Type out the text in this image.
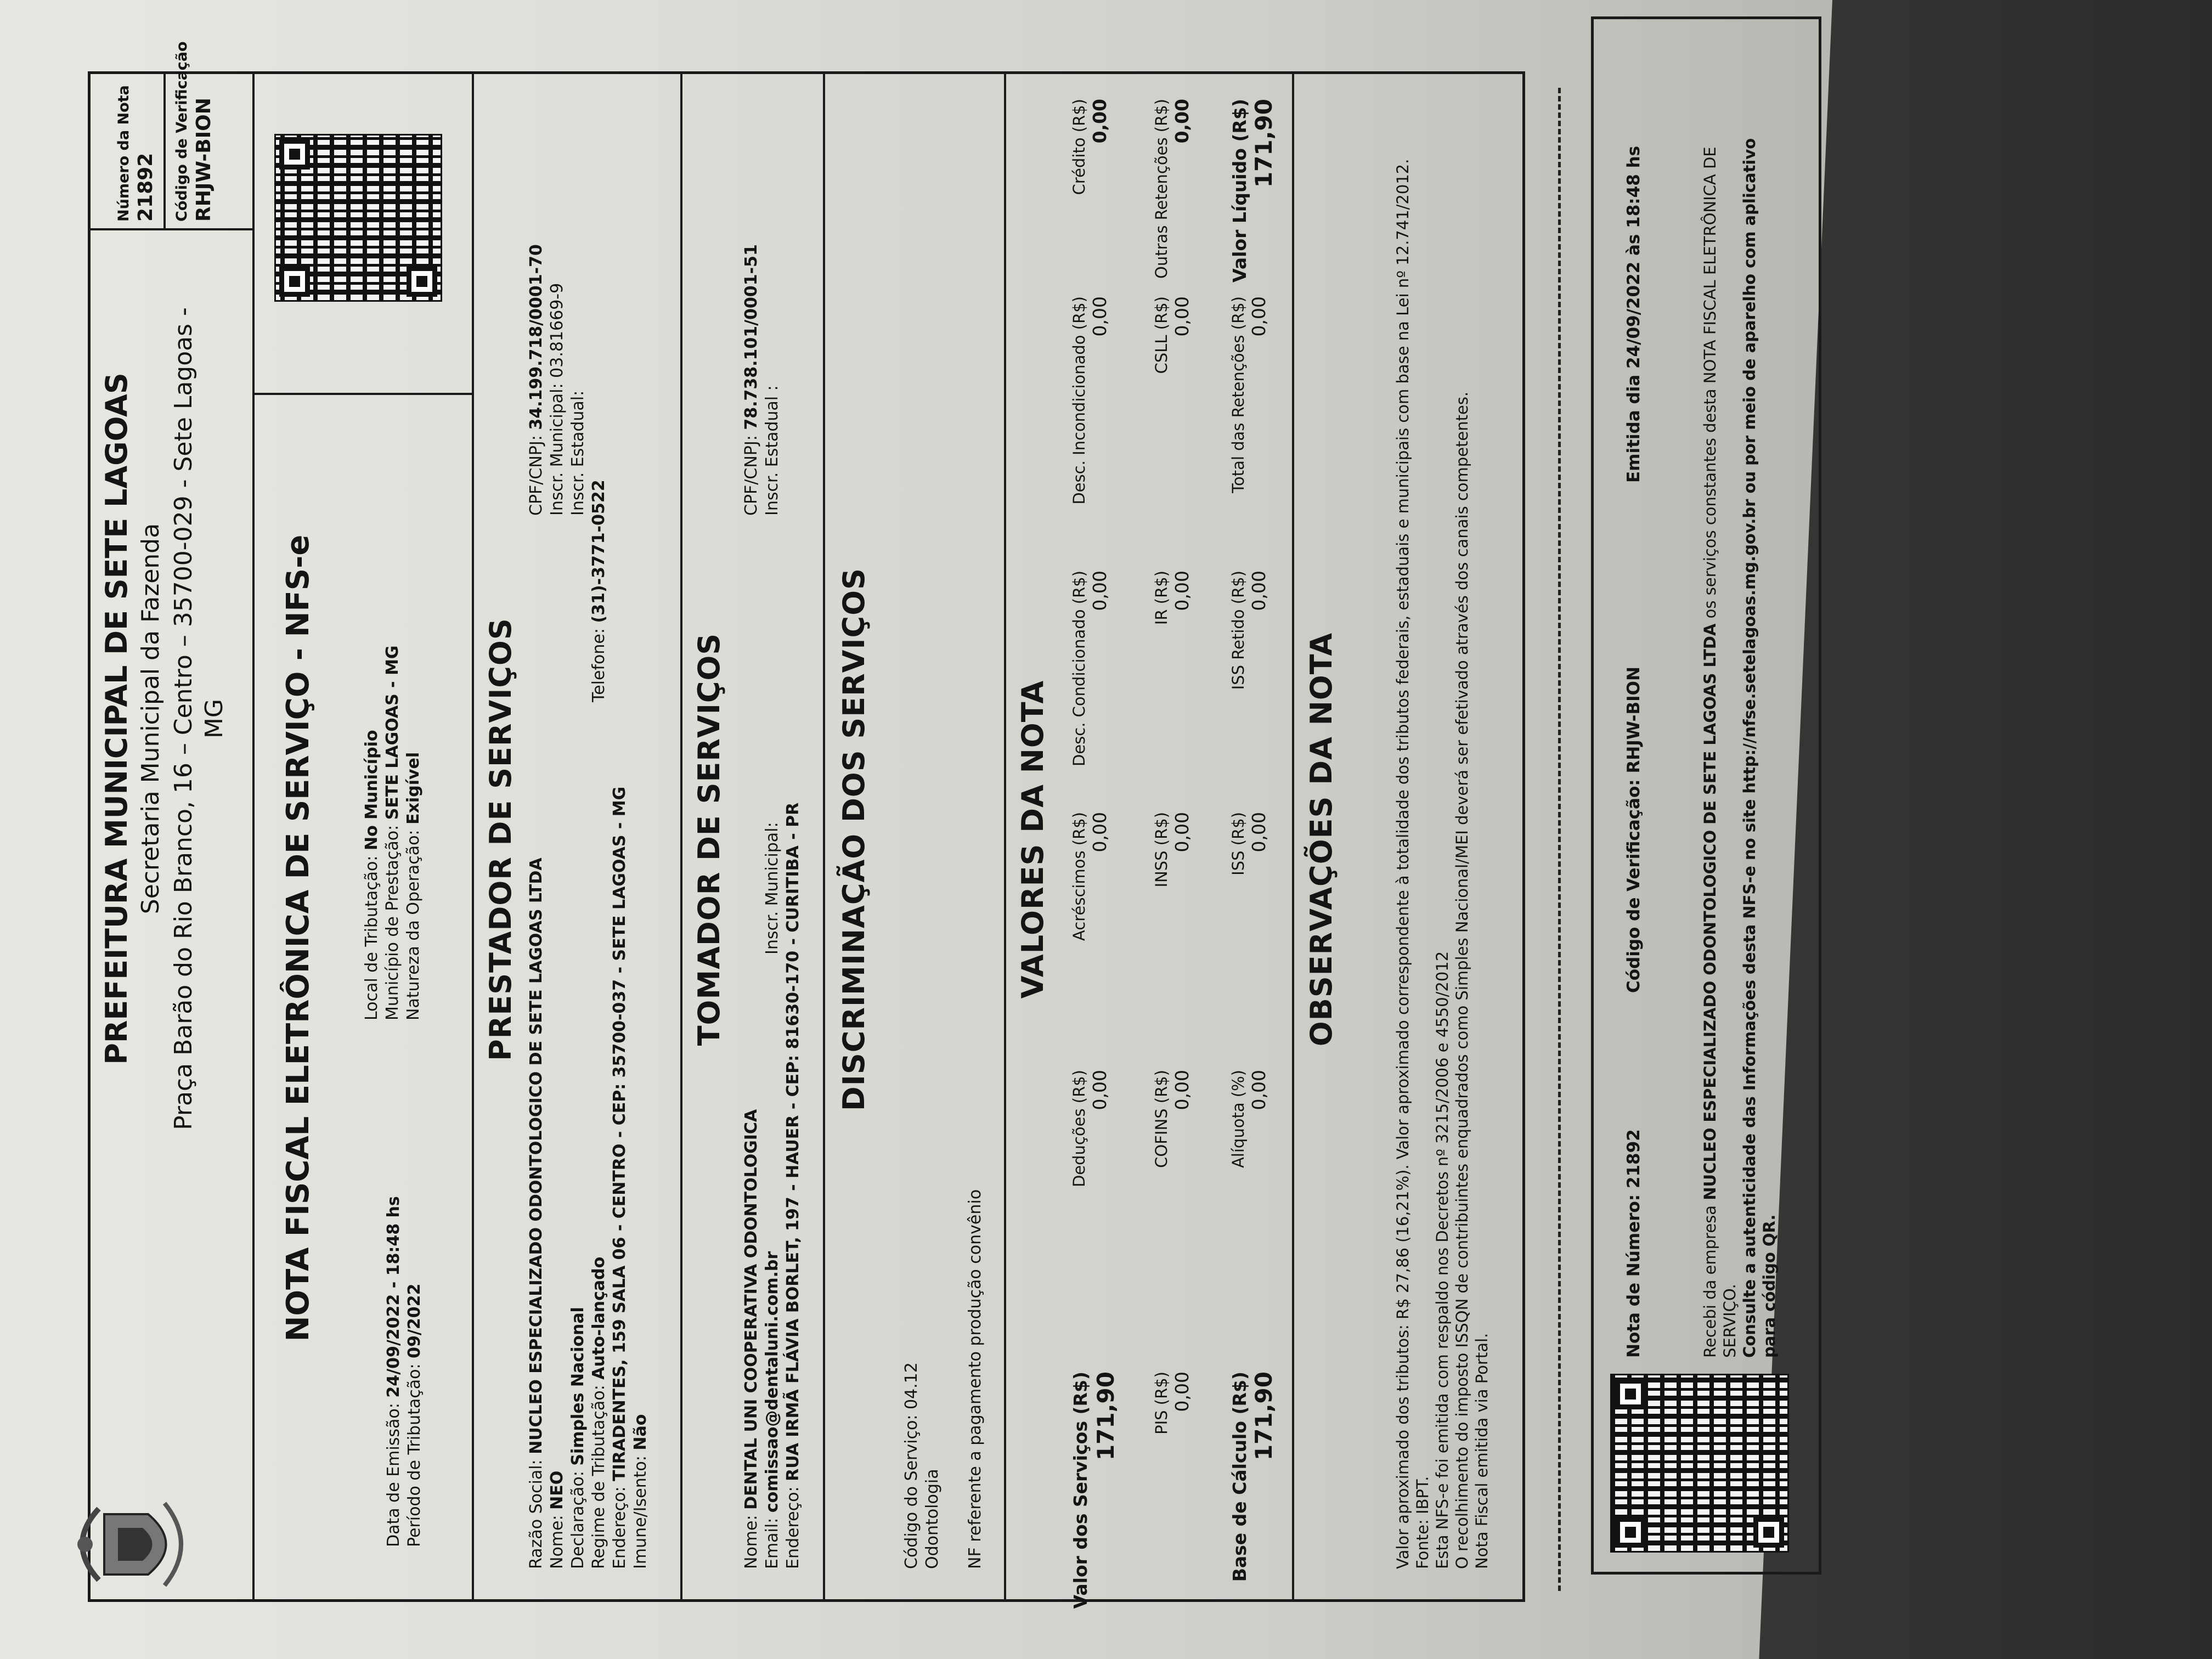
PREFEITURA MUNICIPAL DE SETE LAGOAS Secretaria Municipal da Fazenda Praça Barão do Rio Branco, 16 – Centro – 35700-029 - Sete Lagoas - MG
Número da Nota 21892 Código de Verificação RHJW-BION
NOTA FISCAL ELETRÔNICA DE SERVIÇO - NFS-e
Data de Emissão: 24/09/2022 - 18:48 hs
Período de Tributação: 09/2022
Local de Tributação: No Município
Município de Prestação: SETE LAGOAS - MG
Natureza da Operação: Exigível PRESTADOR DE SERVIÇOS
Razão Social: NUCLEO ESPECIALIZADO ODONTOLOGICO DE SETE LAGOAS LTDA
Nome: NEO Declaração: Simples Nacional Regime de Tributação: Auto-lançado
Endereço: TIRADENTES, 159 SALA 06 - CENTRO - CEP: 35700-037 - SETE LAGOAS - MG
Imune/Isento: Não
Telefone: (31)-3771-0522
CPF/CNPJ: 34.199.718/0001-70
Inscr. Municipal: 03.81669-9
Inscr. Estadual:
TOMADOR DE SERVIÇOS
Nome: DENTAL UNI COOPERATIVA ODONTOLOGICA
Email: comissao@dentaluni.com.br
Endereço: RUA IRMÃ FLÁVIA BORLET, 197 - HAUER - CEP: 81630-170 - CURITIBA - PR
Inscr. Municipal:
CPF/CNPJ: 78.738.101/0001-51
Inscr. Estadual :
DISCRIMINAÇÃO DOS SERVIÇOS
Código do Serviço: 04.12 Odontologia NF referente a pagamento produção convênio
VALORES DA NOTA
Valor dos Serviços (R$) 171,90
Deduções (R$) 0,00
Acréscimos (R$) 0,00
Desc. Condicionado (R$) 0,00
Desc. Incondicionado (R$) 0,00
Crédito (R$) 0,00
PIS (R$) 0,00
COFINS (R$) 0,00
INSS (R$) 0,00
IR (R$) 0,00
CSLL (R$) 0,00
Outras Retenções (R$) 0,00
Base de Cálculo (R$) 171,90
Alíquota (%) 0,00
ISS (R$) 0,00
ISS Retido (R$) 0,00
Total das Retenções (R$) 0,00
Valor Líquido (R$) 171,90
OBSERVAÇÕES DA NOTA	Valor aproximado dos tributos: R$ 27,86 (16,21%). Valor aproximado correspondente à totalidade dos tributos federais, estaduais e municipais com base na Lei nº 12.741/2012. Fonte: IBPT. Esta NFS-e foi emitida com respaldo nos Decretos nº 3215/2006 e 4550/2012 O recolhimento do imposto ISSQN de contribuintes enquadrados como Simples Nacional/MEI deverá ser efetivado através dos canais competentes. Nota Fiscal emitida via Portal.
Nota de Número: 21892
Código de Verificação: RHJW-BION
Emitida dia 24/09/2022 às 18:48 hs
Recebi da empresa NUCLEO ESPECIALIZADO ODONTOLOGICO DE SETE LAGOAS LTDA os serviços constantes desta NOTA FISCAL ELETRÔNICA DE
SERVIÇO. Consulte a autenticidade das Informações desta NFS-e no site http://nfse.setelagoas.mg.gov.br ou por meio de aparelho com aplicativo para código QR.
